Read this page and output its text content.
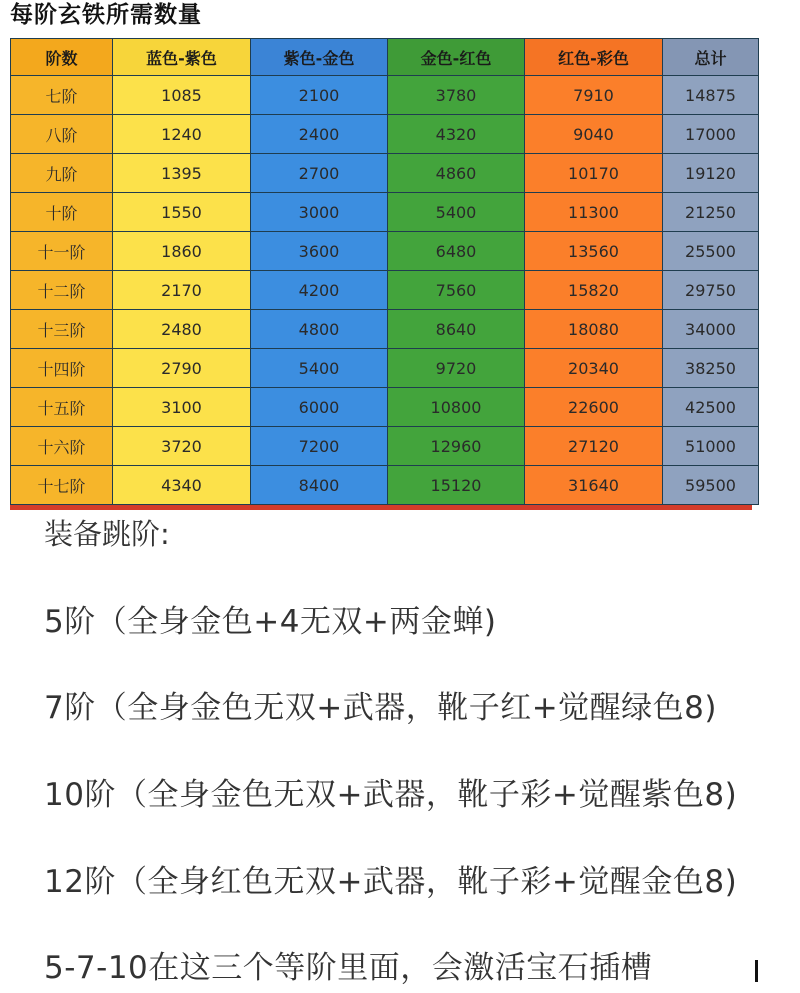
每阶玄铁所需数量
阶数	蓝色-紫色	紫色-金色	金色-红色	红色-彩色	总计
七阶	1085	2100	3780	7910	14875
八阶	1240	2400	4320	9040	17000
九阶	1395	2700	4860	10170	19120
十阶	1550	3000	5400	11300	21250
十一阶	1860	3600	6480	13560	25500
十二阶	2170	4200	7560	15820	29750
十三阶	2480	4800	8640	18080	34000
十四阶	2790	5400	9720	20340	38250
十五阶	3100	6000	10800	22600	42500
十六阶	3720	7200	12960	27120	51000
十七阶	4340	8400	15120	31640	59500
装备跳阶:
5阶（全身金色+4无双+两金蝉)
7阶（全身金色无双+武器，靴子红+觉醒绿色8)
10阶（全身金色无双+武器，靴子彩+觉醒紫色8)
12阶（全身红色无双+武器，靴子彩+觉醒金色8)
5-7-10在这三个等阶里面，会激活宝石插槽
